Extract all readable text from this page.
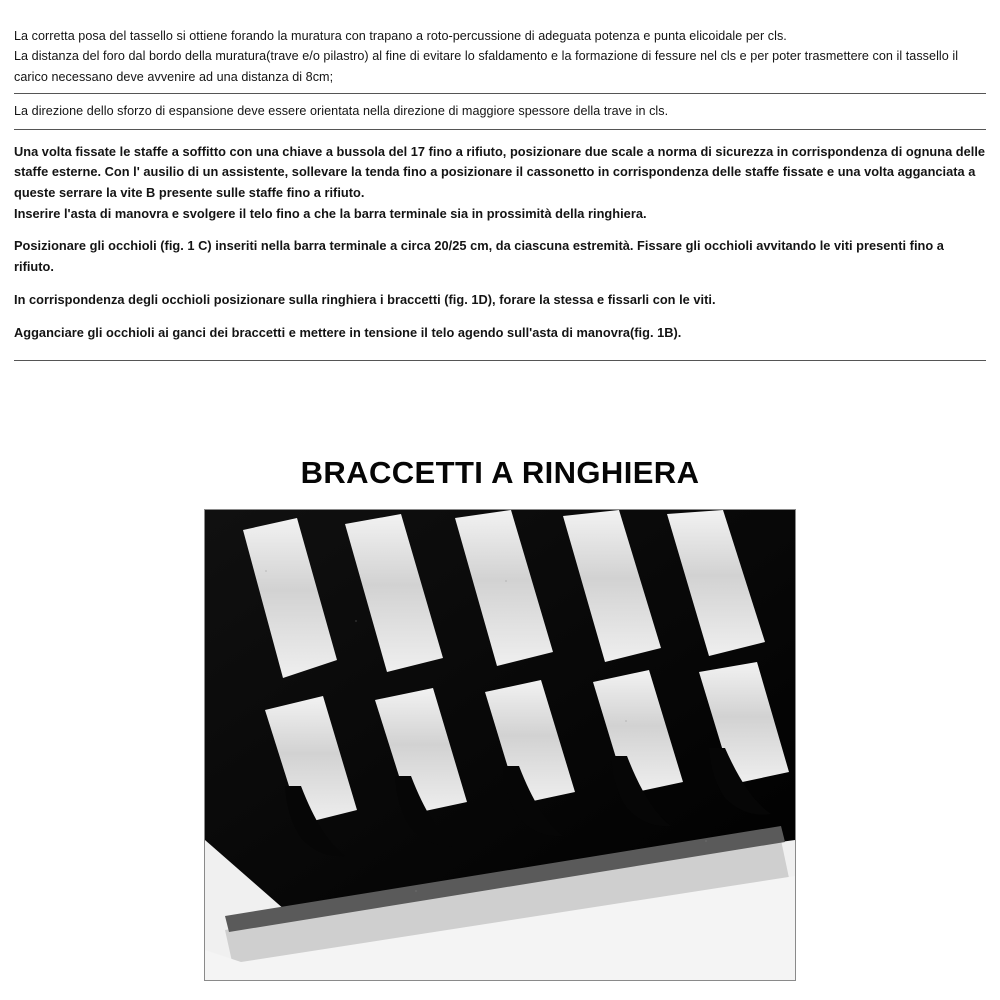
La corretta posa del tassello si ottiene forando la muratura con trapano a roto-percussione di adeguata potenza e punta elicoidale per cls.

La distanza del foro dal bordo della muratura(trave e/o pilastro) al fine di evitare lo sfaldamento e la formazione di fessure nel cls e per poter trasmettere con il tassello il carico necessano deve avvenire ad una distanza di 8cm;

La direzione dello sforzo di espansione deve essere orientata nella direzione di maggiore spessore della trave in cls.

Una volta fissate le staffe a soffitto con una chiave a bussola del 17 fino a rifiuto, posizionare due scale a norma di sicurezza in corrispondenza di ognuna delle staffe esterne. Con l' ausilio di un assistente, sollevare la tenda fino a posizionare il cassonetto in corrispondenza delle staffe fissate e una volta agganciata a queste serrare la vite B presente sulle staffe fino a rifiuto.

Inserire l'asta di manovra e svolgere il telo fino a che la barra terminale sia in prossimità della ringhiera.

Posizionare gli occhioli (fig. 1 C) inseriti nella barra terminale a circa 20/25 cm, da ciascuna estremità. Fissare gli occhioli avvitando le viti presenti fino a rifiuto.

In corrispondenza degli occhioli posizionare sulla ringhiera i braccetti (fig. 1D), forare la stessa e fissarli con le viti.

Agganciare gli occhioli ai ganci dei braccetti e mettere in tensione il telo agendo sull'asta di manovra(fig. 1B).

BRACCETTI A RINGHIERA
